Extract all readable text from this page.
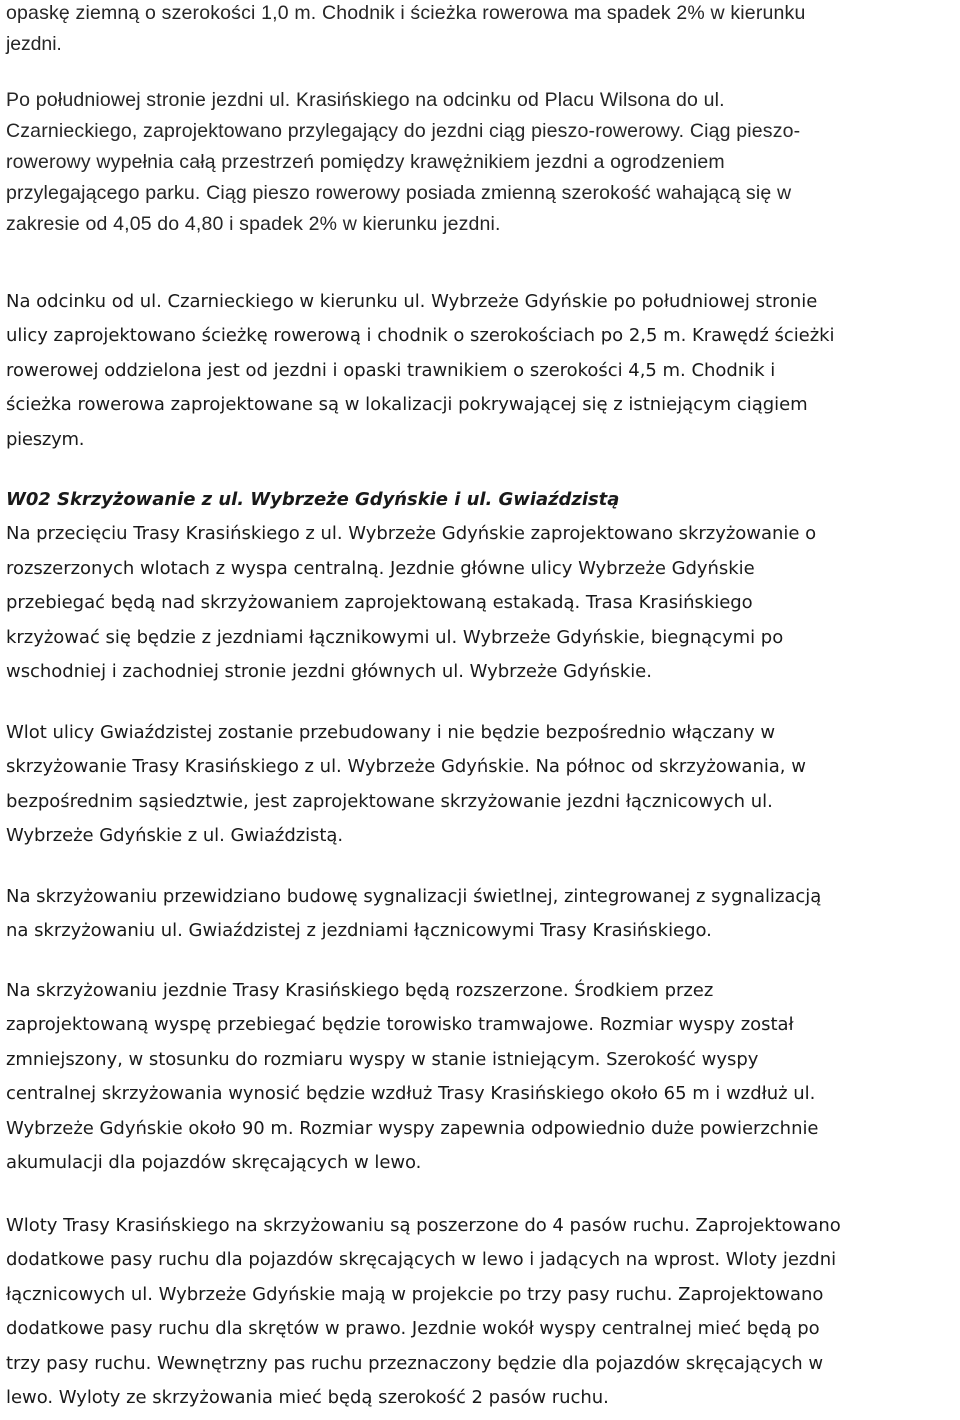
opaskę ziemną o szerokości 1,0 m. Chodnik i ścieżka rowerowa ma spadek 2% w kierunku
jezdni.
Po południowej stronie jezdni ul. Krasińskiego na odcinku od Placu Wilsona do ul.
Czarnieckiego, zaprojektowano przylegający do jezdni ciąg pieszo-rowerowy. Ciąg pieszo-
rowerowy wypełnia całą przestrzeń pomiędzy krawężnikiem jezdni a ogrodzeniem
przylegającego parku. Ciąg pieszo rowerowy posiada zmienną szerokość wahającą się w
zakresie od 4,05 do 4,80 i spadek 2% w kierunku jezdni.
Na odcinku od ul. Czarnieckiego w kierunku ul. Wybrzeże Gdyńskie po południowej stronie
ulicy zaprojektowano ścieżkę rowerową i chodnik o szerokościach po 2,5 m. Krawędź ścieżki
rowerowej oddzielona jest od jezdni i opaski trawnikiem o szerokości 4,5 m. Chodnik i
ścieżka rowerowa zaprojektowane są w lokalizacji pokrywającej się z istniejącym ciągiem
pieszym.
W02 Skrzyżowanie z ul. Wybrzeże Gdyńskie i ul. Gwiaździstą
Na przecięciu Trasy Krasińskiego z ul. Wybrzeże Gdyńskie zaprojektowano skrzyżowanie o
rozszerzonych wlotach z wyspa centralną. Jezdnie główne ulicy Wybrzeże Gdyńskie
przebiegać będą nad skrzyżowaniem zaprojektowaną estakadą. Trasa Krasińskiego
krzyżować się będzie z jezdniami łącznikowymi ul. Wybrzeże Gdyńskie, biegnącymi po
wschodniej i zachodniej stronie jezdni głównych ul. Wybrzeże Gdyńskie.
Wlot ulicy Gwiaździstej zostanie przebudowany i nie będzie bezpośrednio włączany w
skrzyżowanie Trasy Krasińskiego z ul. Wybrzeże Gdyńskie. Na północ od skrzyżowania, w
bezpośrednim sąsiedztwie, jest zaprojektowane skrzyżowanie jezdni łącznicowych ul.
Wybrzeże Gdyńskie z ul. Gwiaździstą.
Na skrzyżowaniu przewidziano budowę sygnalizacji świetlnej, zintegrowanej z sygnalizacją
na skrzyżowaniu ul. Gwiaździstej z jezdniami łącznicowymi Trasy Krasińskiego.
Na skrzyżowaniu jezdnie Trasy Krasińskiego będą rozszerzone. Środkiem przez
zaprojektowaną wyspę przebiegać będzie torowisko tramwajowe. Rozmiar wyspy został
zmniejszony, w stosunku do rozmiaru wyspy w stanie istniejącym. Szerokość wyspy
centralnej skrzyżowania wynosić będzie wzdłuż Trasy Krasińskiego około 65 m i wzdłuż ul.
Wybrzeże Gdyńskie około 90 m. Rozmiar wyspy zapewnia odpowiednio duże powierzchnie
akumulacji dla pojazdów skręcających w lewo.
Wloty Trasy Krasińskiego na skrzyżowaniu są poszerzone do 4 pasów ruchu. Zaprojektowano
dodatkowe pasy ruchu dla pojazdów skręcających w lewo i jadących na wprost. Wloty jezdni
łącznicowych ul. Wybrzeże Gdyńskie mają w projekcie po trzy pasy ruchu. Zaprojektowano
dodatkowe pasy ruchu dla skrętów w prawo. Jezdnie wokół wyspy centralnej mieć będą po
trzy pasy ruchu. Wewnętrzny pas ruchu przeznaczony będzie dla pojazdów skręcających w
lewo. Wyloty ze skrzyżowania mieć będą szerokość 2 pasów ruchu.
